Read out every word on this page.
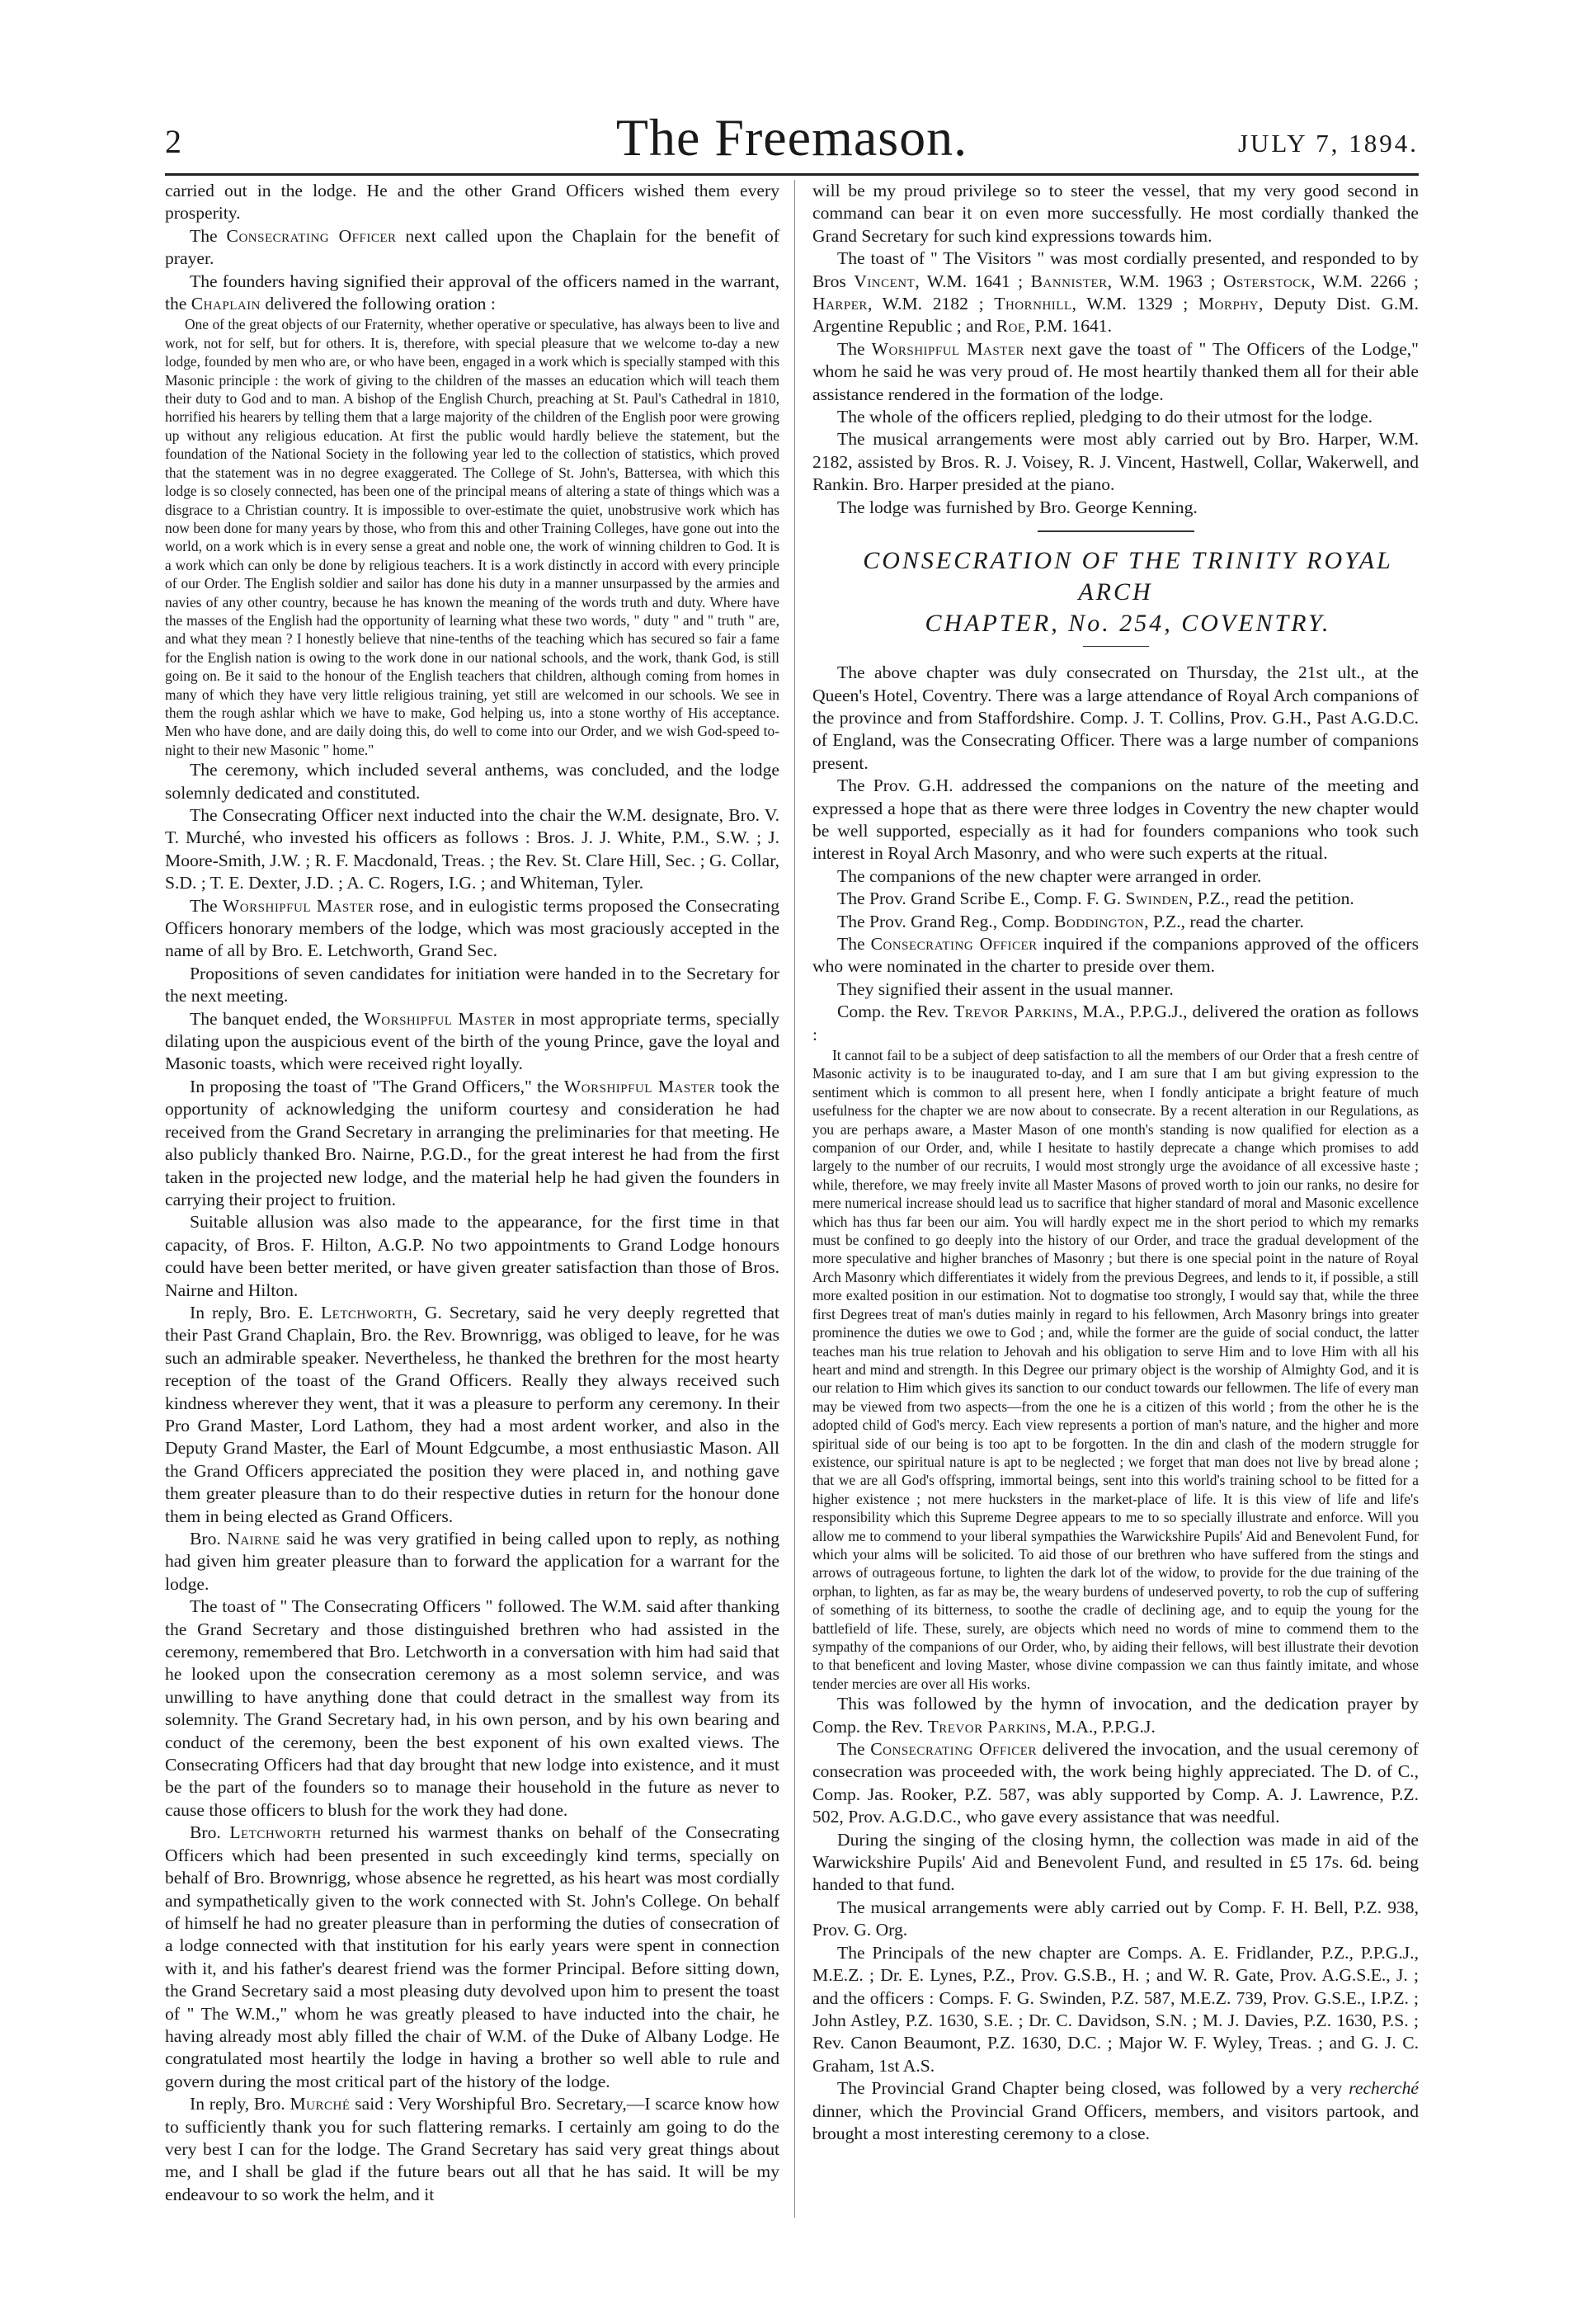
2	The Freemason.	JULY 7, 1894.

carried out in the lodge. He and the other Grand Officers wished them every prosperity.

The Consecrating Officer next called upon the Chaplain for the benefit of prayer.

The founders having signified their approval of the officers named in the warrant, the Chaplain delivered the following oration :

One of the great objects of our Fraternity, whether operative or speculative, has always been to live and work, not for self, but for others. It is, therefore, with special pleasure that we welcome to-day a new lodge, founded by men who are, or who have been, engaged in a work which is specially stamped with this Masonic principle : the work of giving to the children of the masses an education which will teach them their duty to God and to man. A bishop of the English Church, preaching at St. Paul's Cathedral in 1810, horrified his hearers by telling them that a large majority of the children of the English poor were growing up without any religious education. At first the public would hardly believe the statement, but the foundation of the National Society in the following year led to the collection of statistics, which proved that the statement was in no degree exaggerated. The College of St. John's, Battersea, with which this lodge is so closely connected, has been one of the principal means of altering a state of things which was a disgrace to a Christian country. It is impossible to over-estimate the quiet, unobstrusive work which has now been done for many years by those, who from this and other Training Colleges, have gone out into the world, on a work which is in every sense a great and noble one, the work of winning children to God. It is a work which can only be done by religious teachers. It is a work distinctly in accord with every principle of our Order. The English soldier and sailor has done his duty in a manner unsurpassed by the armies and navies of any other country, because he has known the meaning of the words truth and duty. Where have the masses of the English had the opportunity of learning what these two words, " duty " and " truth " are, and what they mean ? I honestly believe that nine-tenths of the teaching which has secured so fair a fame for the English nation is owing to the work done in our national schools, and the work, thank God, is still going on. Be it said to the honour of the English teachers that children, although coming from homes in many of which they have very little religious training, yet still are welcomed in our schools. We see in them the rough ashlar which we have to make, God helping us, into a stone worthy of His acceptance. Men who have done, and are daily doing this, do well to come into our Order, and we wish God-speed to-night to their new Masonic " home."

The ceremony, which included several anthems, was concluded, and the lodge solemnly dedicated and constituted.

The Consecrating Officer next inducted into the chair the W.M. designate, Bro. V. T. Murché, who invested his officers as follows : Bros. J. J. White, P.M., S.W. ; J. Moore-Smith, J.W. ; R. F. Macdonald, Treas. ; the Rev. St. Clare Hill, Sec. ; G. Collar, S.D. ; T. E. Dexter, J.D. ; A. C. Rogers, I.G. ; and Whiteman, Tyler.

The Worshipful Master rose, and in eulogistic terms proposed the Consecrating Officers honorary members of the lodge, which was most graciously accepted in the name of all by Bro. E. Letchworth, Grand Sec.

Propositions of seven candidates for initiation were handed in to the Secretary for the next meeting.

The banquet ended, the Worshipful Master in most appropriate terms, specially dilating upon the auspicious event of the birth of the young Prince, gave the loyal and Masonic toasts, which were received right loyally.

In proposing the toast of "The Grand Officers," the Worshipful Master took the opportunity of acknowledging the uniform courtesy and consideration he had received from the Grand Secretary in arranging the preliminaries for that meeting. He also publicly thanked Bro. Nairne, P.G.D., for the great interest he had from the first taken in the projected new lodge, and the material help he had given the founders in carrying their project to fruition.

Suitable allusion was also made to the appearance, for the first time in that capacity, of Bros. F. Hilton, A.G.P. No two appointments to Grand Lodge honours could have been better merited, or have given greater satisfaction than those of Bros. Nairne and Hilton.

In reply, Bro. E. Letchworth, G. Secretary, said he very deeply regretted that their Past Grand Chaplain, Bro. the Rev. Brownrigg, was obliged to leave, for he was such an admirable speaker. Nevertheless, he thanked the brethren for the most hearty reception of the toast of the Grand Officers. Really they always received such kindness wherever they went, that it was a pleasure to perform any ceremony. In their Pro Grand Master, Lord Lathom, they had a most ardent worker, and also in the Deputy Grand Master, the Earl of Mount Edgcumbe, a most enthusiastic Mason. All the Grand Officers appreciated the position they were placed in, and nothing gave them greater pleasure than to do their respective duties in return for the honour done them in being elected as Grand Officers.

Bro. Nairne said he was very gratified in being called upon to reply, as nothing had given him greater pleasure than to forward the application for a warrant for the lodge.

The toast of " The Consecrating Officers " followed. The W.M. said after thanking the Grand Secretary and those distinguished brethren who had assisted in the ceremony, remembered that Bro. Letchworth in a conversation with him had said that he looked upon the consecration ceremony as a most solemn service, and was unwilling to have anything done that could detract in the smallest way from its solemnity. The Grand Secretary had, in his own person, and by his own bearing and conduct of the ceremony, been the best exponent of his own exalted views. The Consecrating Officers had that day brought that new lodge into existence, and it must be the part of the founders so to manage their household in the future as never to cause those officers to blush for the work they had done.

Bro. Letchworth returned his warmest thanks on behalf of the Consecrating Officers which had been presented in such exceedingly kind terms, specially on behalf of Bro. Brownrigg, whose absence he regretted, as his heart was most cordially and sympathetically given to the work connected with St. John's College. On behalf of himself he had no greater pleasure than in performing the duties of consecration of a lodge connected with that institution for his early years were spent in connection with it, and his father's dearest friend was the former Principal. Before sitting down, the Grand Secretary said a most pleasing duty devolved upon him to present the toast of " The W.M.," whom he was greatly pleased to have inducted into the chair, he having already most ably filled the chair of W.M. of the Duke of Albany Lodge. He congratulated most heartily the lodge in having a brother so well able to rule and govern during the most critical part of the history of the lodge.

In reply, Bro. Murché said : Very Worshipful Bro. Secretary,—I scarce know how to sufficiently thank you for such flattering remarks. I certainly am going to do the very best I can for the lodge. The Grand Secretary has said very great things about me, and I shall be glad if the future bears out all that he has said. It will be my endeavour to so work the helm, and it

will be my proud privilege so to steer the vessel, that my very good second in command can bear it on even more successfully. He most cordially thanked the Grand Secretary for such kind expressions towards him.

The toast of " The Visitors " was most cordially presented, and responded to by Bros Vincent, W.M. 1641 ; Bannister, W.M. 1963 ; Osterstock, W.M. 2266 ; Harper, W.M. 2182 ; Thornhill, W.M. 1329 ; Morphy, Deputy Dist. G.M. Argentine Republic ; and Roe, P.M. 1641.

The Worshipful Master next gave the toast of " The Officers of the Lodge," whom he said he was very proud of. He most heartily thanked them all for their able assistance rendered in the formation of the lodge.

The whole of the officers replied, pledging to do their utmost for the lodge.

The musical arrangements were most ably carried out by Bro. Harper, W.M. 2182, assisted by Bros. R. J. Voisey, R. J. Vincent, Hastwell, Collar, Wakerwell, and Rankin. Bro. Harper presided at the piano.

The lodge was furnished by Bro. George Kenning.

CONSECRATION OF THE TRINITY ROYAL ARCH

CHAPTER, No. 254, COVENTRY.

The above chapter was duly consecrated on Thursday, the 21st ult., at the Queen's Hotel, Coventry. There was a large attendance of Royal Arch companions of the province and from Staffordshire. Comp. J. T. Collins, Prov. G.H., Past A.G.D.C. of England, was the Consecrating Officer. There was a large number of companions present.

The Prov. G.H. addressed the companions on the nature of the meeting and expressed a hope that as there were three lodges in Coventry the new chapter would be well supported, especially as it had for founders companions who took such interest in Royal Arch Masonry, and who were such experts at the ritual.

The companions of the new chapter were arranged in order.

The Prov. Grand Scribe E., Comp. F. G. Swinden, P.Z., read the petition.

The Prov. Grand Reg., Comp. Boddington, P.Z., read the charter.

The Consecrating Officer inquired if the companions approved of the officers who were nominated in the charter to preside over them.

They signified their assent in the usual manner.

Comp. the Rev. Trevor Parkins, M.A., P.P.G.J., delivered the oration as follows :

It cannot fail to be a subject of deep satisfaction to all the members of our Order that a fresh centre of Masonic activity is to be inaugurated to-day, and I am sure that I am but giving expression to the sentiment which is common to all present here, when I fondly anticipate a bright feature of much usefulness for the chapter we are now about to consecrate. By a recent alteration in our Regulations, as you are perhaps aware, a Master Mason of one month's standing is now qualified for election as a companion of our Order, and, while I hesitate to hastily deprecate a change which promises to add largely to the number of our recruits, I would most strongly urge the avoidance of all excessive haste ; while, therefore, we may freely invite all Master Masons of proved worth to join our ranks, no desire for mere numerical increase should lead us to sacrifice that higher standard of moral and Masonic excellence which has thus far been our aim. You will hardly expect me in the short period to which my remarks must be confined to go deeply into the history of our Order, and trace the gradual development of the more speculative and higher branches of Masonry ; but there is one special point in the nature of Royal Arch Masonry which differentiates it widely from the previous Degrees, and lends to it, if possible, a still more exalted position in our estimation. Not to dogmatise too strongly, I would say that, while the three first Degrees treat of man's duties mainly in regard to his fellowmen, Arch Masonry brings into greater prominence the duties we owe to God ; and, while the former are the guide of social conduct, the latter teaches man his true relation to Jehovah and his obligation to serve Him and to love Him with all his heart and mind and strength. In this Degree our primary object is the worship of Almighty God, and it is our relation to Him which gives its sanction to our conduct towards our fellowmen. The life of every man may be viewed from two aspects—from the one he is a citizen of this world ; from the other he is the adopted child of God's mercy. Each view represents a portion of man's nature, and the higher and more spiritual side of our being is too apt to be forgotten. In the din and clash of the modern struggle for existence, our spiritual nature is apt to be neglected ; we forget that man does not live by bread alone ; that we are all God's offspring, immortal beings, sent into this world's training school to be fitted for a higher existence ; not mere hucksters in the market-place of life. It is this view of life and life's responsibility which this Supreme Degree appears to me to so specially illustrate and enforce. Will you allow me to commend to your liberal sympathies the Warwickshire Pupils' Aid and Benevolent Fund, for which your alms will be solicited. To aid those of our brethren who have suffered from the stings and arrows of outrageous fortune, to lighten the dark lot of the widow, to provide for the due training of the orphan, to lighten, as far as may be, the weary burdens of undeserved poverty, to rob the cup of suffering of something of its bitterness, to soothe the cradle of declining age, and to equip the young for the battlefield of life. These, surely, are objects which need no words of mine to commend them to the sympathy of the companions of our Order, who, by aiding their fellows, will best illustrate their devotion to that beneficent and loving Master, whose divine compassion we can thus faintly imitate, and whose tender mercies are over all His works.

This was followed by the hymn of invocation, and the dedication prayer by Comp. the Rev. Trevor Parkins, M.A., P.P.G.J.

The Consecrating Officer delivered the invocation, and the usual ceremony of consecration was proceeded with, the work being highly appreciated. The D. of C., Comp. Jas. Rooker, P.Z. 587, was ably supported by Comp. A. J. Lawrence, P.Z. 502, Prov. A.G.D.C., who gave every assistance that was needful.

During the singing of the closing hymn, the collection was made in aid of the Warwickshire Pupils' Aid and Benevolent Fund, and resulted in £5 17s. 6d. being handed to that fund.

The musical arrangements were ably carried out by Comp. F. H. Bell, P.Z. 938, Prov. G. Org.

The Principals of the new chapter are Comps. A. E. Fridlander, P.Z., P.P.G.J., M.E.Z. ; Dr. E. Lynes, P.Z., Prov. G.S.B., H. ; and W. R. Gate, Prov. A.G.S.E., J. ; and the officers : Comps. F. G. Swinden, P.Z. 587, M.E.Z. 739, Prov. G.S.E., I.P.Z. ; John Astley, P.Z. 1630, S.E. ; Dr. C. Davidson, S.N. ; M. J. Davies, P.Z. 1630, P.S. ; Rev. Canon Beaumont, P.Z. 1630, D.C. ; Major W. F. Wyley, Treas. ; and G. J. C. Graham, 1st A.S.

The Provincial Grand Chapter being closed, was followed by a very recherché dinner, which the Provincial Grand Officers, members, and visitors partook, and brought a most interesting ceremony to a close.
